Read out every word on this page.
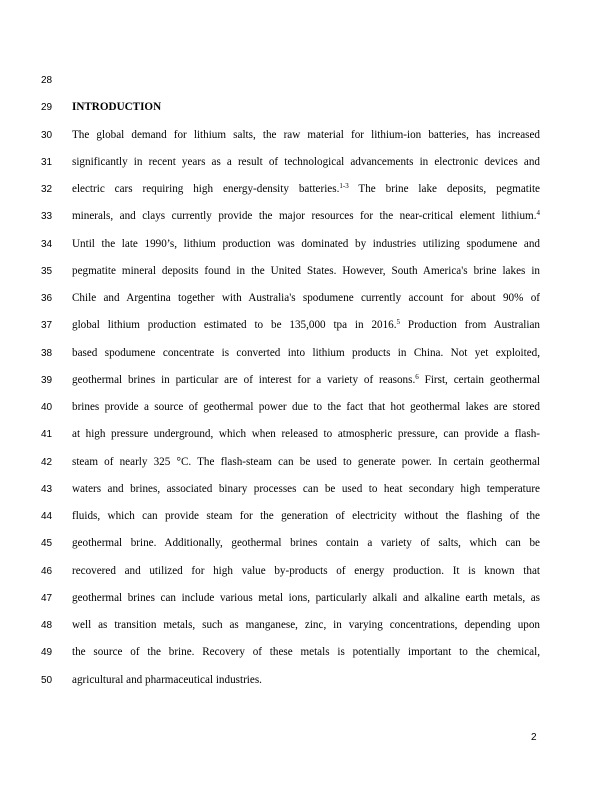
28
29	INTRODUCTION
30	The global demand for lithium salts, the raw material for lithium-ion batteries, has increased
31	significantly in recent years as a result of technological advancements in electronic devices and
32	electric cars requiring high energy-density batteries.$^{1-3}$ The brine lake deposits, pegmatite
33	minerals, and clays currently provide the major resources for the near-critical element lithium.$^4$
34	Until the late 1990’s, lithium production was dominated by industries utilizing spodumene and
35	pegmatite mineral deposits found in the United States. However, South America's brine lakes in
36	Chile and Argentina together with Australia's spodumene currently account for about 90% of
37	global lithium production estimated to be 135,000 tpa in 2016.$^5$ Production from Australian
38	based spodumene concentrate is converted into lithium products in China. Not yet exploited,
39	geothermal brines in particular are of interest for a variety of reasons.$^6$ First, certain geothermal
40	brines provide a source of geothermal power due to the fact that hot geothermal lakes are stored
41	at high pressure underground, which when released to atmospheric pressure, can provide a flash-
42	steam of nearly 325 °C. The flash-steam can be used to generate power. In certain geothermal
43	waters and brines, associated binary processes can be used to heat secondary high temperature
44	fluids, which can provide steam for the generation of electricity without the flashing of the
45	geothermal brine. Additionally, geothermal brines contain a variety of salts, which can be
46	recovered and utilized for high value by-products of energy production. It is known that
47	geothermal brines can include various metal ions, particularly alkali and alkaline earth metals, as
48	well as transition metals, such as manganese, zinc, in varying concentrations, depending upon
49	the source of the brine. Recovery of these metals is potentially important to the chemical,
50	agricultural and pharmaceutical industries.
2
